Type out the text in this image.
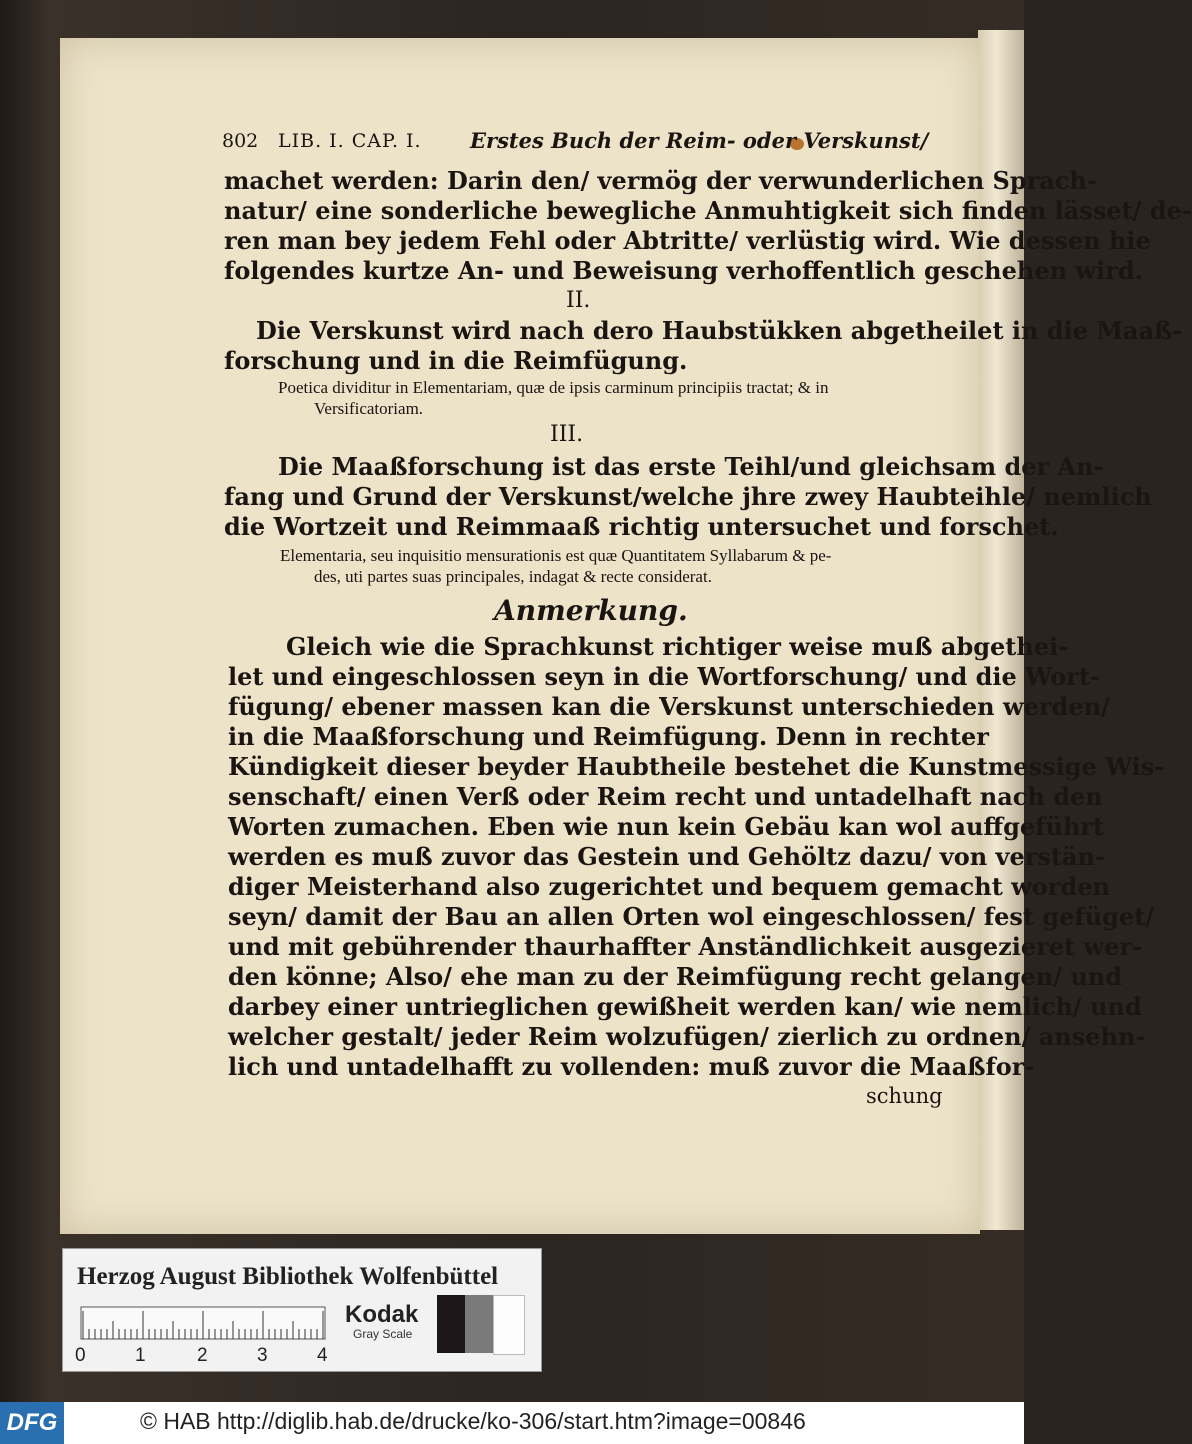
802 LIB. I. CAP. I. Erstes Buch der Reim- oder Verskunst/
machet werden: Darin den/ vermög der verwunderlichen Sprach-
natur/ eine sonderliche bewegliche Anmuhtigkeit sich finden lässet/ de-
ren man bey jedem Fehl oder Abtritte/ verlüstig wird. Wie dessen hie
folgendes kurtze An- und Beweisung verhoffentlich geschehen wird.
II.
Die Verskunst wird nach dero Haubstükken abgetheilet in die Maaß-
forschung und in die Reimfügung.
Poetica dividitur in Elementariam, quæ de ipsis carminum principiis tractat; & in
Versificatoriam.
III.
Die Maaßforschung ist das erste Teihl/und gleichsam der An-
fang und Grund der Verskunst/welche jhre zwey Haubteihle/ nemlich
die Wortzeit und Reimmaaß richtig untersuchet und forschet.
Elementaria, seu inquisitio mensurationis est quæ Quantitatem Syllabarum & pe-
des, uti partes suas principales, indagat & recte considerat.
Anmerkung.
Gleich wie die Sprachkunst richtiger weise muß abgethei-
let und eingeschlossen seyn in die Wortforschung/ und die Wort-
fügung/ ebener massen kan die Verskunst unterschieden werden/
in die Maaßforschung und Reimfügung. Denn in rechter
Kündigkeit dieser beyder Haubtheile bestehet die Kunstmessige Wis-
senschaft/ einen Verß oder Reim recht und untadelhaft nach den
Worten zumachen. Eben wie nun kein Gebäu kan wol auffgeführt
werden es muß zuvor das Gestein und Gehöltz dazu/ von verstän-
diger Meisterhand also zugerichtet und bequem gemacht worden
seyn/ damit der Bau an allen Orten wol eingeschlossen/ fest gefüget/
und mit gebührender thaurhaffter Anständlichkeit ausgezieret wer-
den könne; Also/ ehe man zu der Reimfügung recht gelangen/ und
darbey einer untrieglichen gewißheit werden kan/ wie nemlich/ und
welcher gestalt/ jeder Reim wolzufügen/ zierlich zu ordnen/ ansehn-
lich und untadelhafft zu vollenden: muß zuvor die Maaßfor-
schung
Herzog August Bibliothek Wolfenbüttel
0	1	2	3	4
Kodak
Gray Scale
DFG	© HAB http://diglib.hab.de/drucke/ko-306/start.htm?image=00846
